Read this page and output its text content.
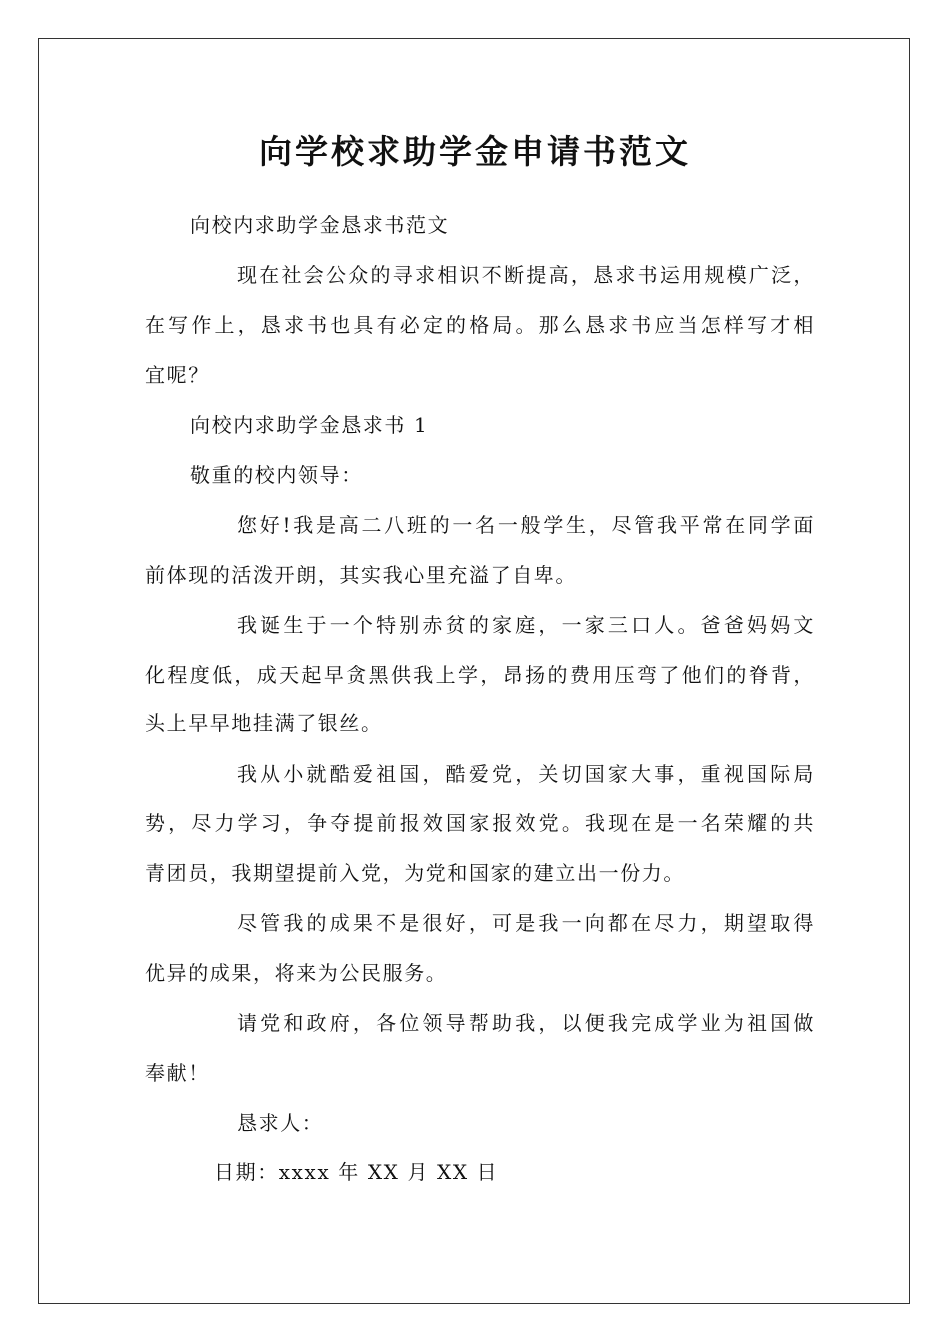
向学校求助学金申请书范文
向校内求助学金恳求书范文
现在社会公众的寻求相识不断提高，恳求书运用规模广泛，
在写作上，恳求书也具有必定的格局。那么恳求书应当怎样写才相
宜呢？
向校内求助学金恳求书 1
敬重的校内领导：
您好!我是高二八班的一名一般学生，尽管我平常在同学面
前体现的活泼开朗，其实我心里充溢了自卑。
我诞生于一个特别赤贫的家庭，一家三口人。爸爸妈妈文
化程度低，成天起早贪黑供我上学，昂扬的费用压弯了他们的脊背，
头上早早地挂满了银丝。
我从小就酷爱祖国，酷爱党，关切国家大事，重视国际局
势，尽力学习，争夺提前报效国家报效党。我现在是一名荣耀的共
青团员，我期望提前入党，为党和国家的建立出一份力。
尽管我的成果不是很好，可是我一向都在尽力，期望取得
优异的成果，将来为公民服务。
请党和政府，各位领导帮助我，以便我完成学业为祖国做
奉献！
恳求人：
日期：xxxx 年 XX 月 XX 日
